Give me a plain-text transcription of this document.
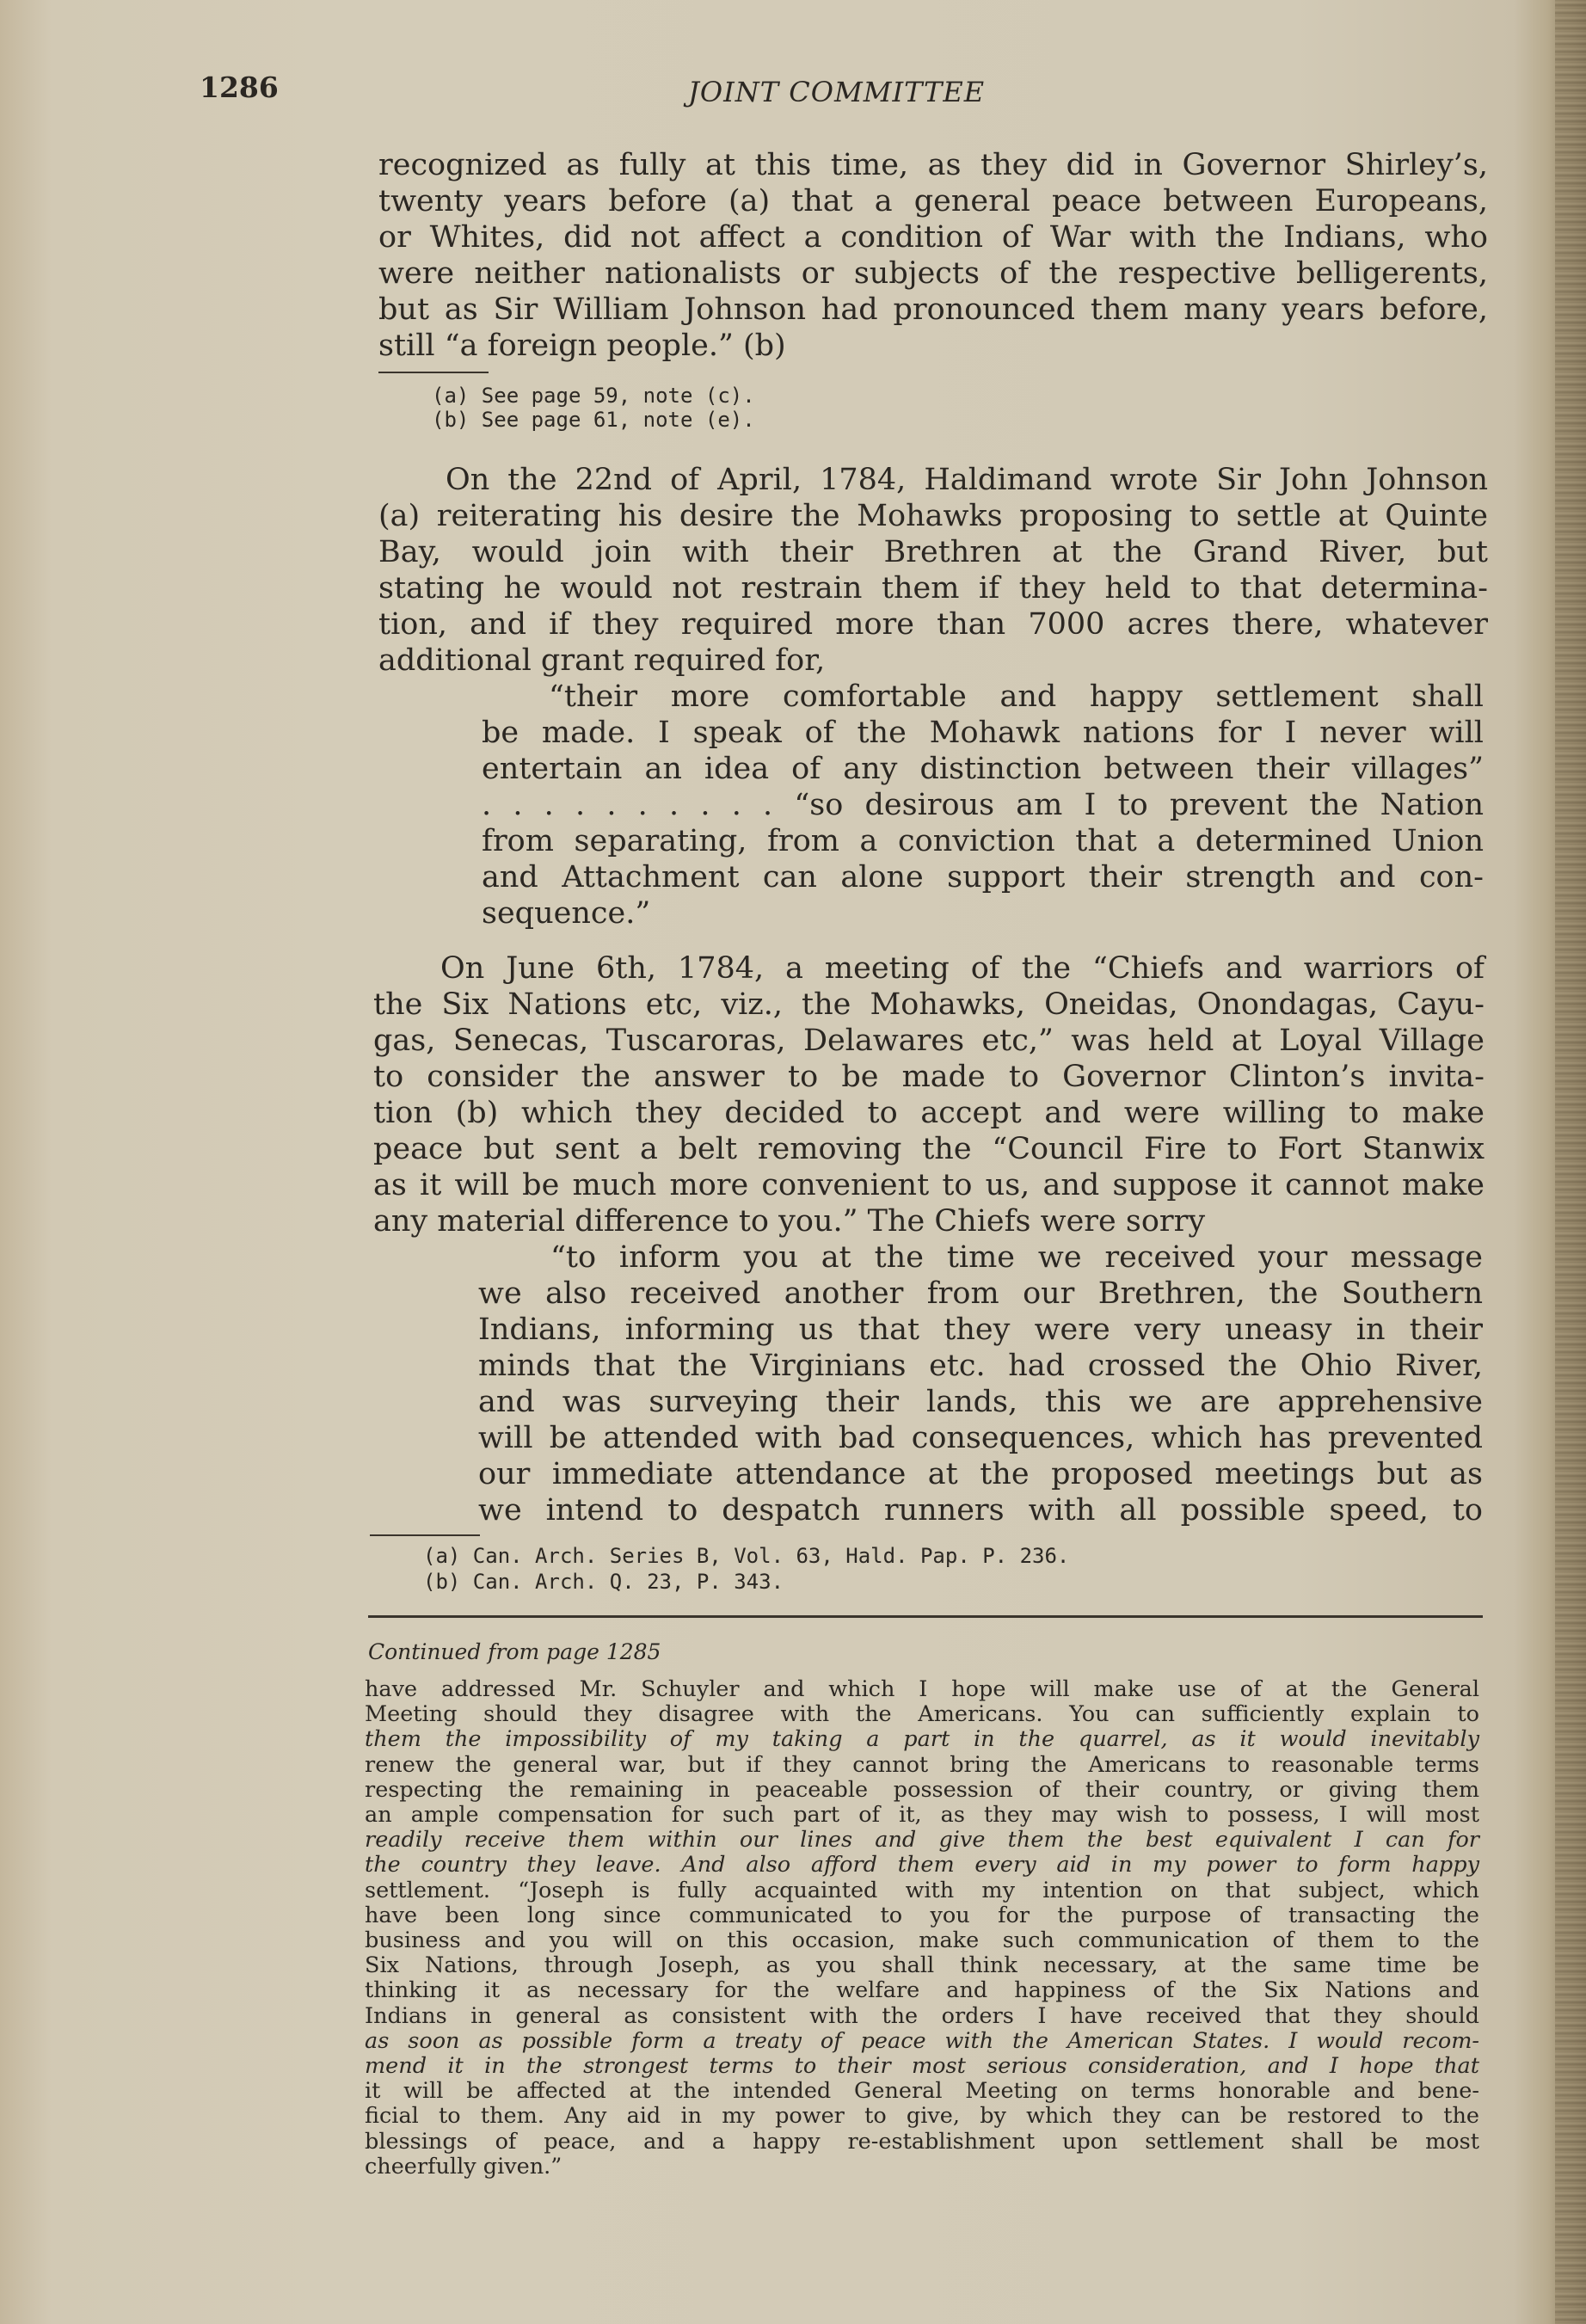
1286	JOINT COMMITTEE
recognized as fully at this time, as they did in Governor Shirley’s,
twenty years before (a) that a general peace between Europeans,
or Whites, did not affect a condition of War with the Indians, who
were neither nationalists or subjects of the respective belligerents,
but as Sir William Johnson had pronounced them many years before,
still “a foreign people.” (b)
(a) See page 59, note (c).
(b) See page 61, note (e).
On the 22nd of April, 1784, Haldimand wrote Sir John Johnson
(a) reiterating his desire the Mohawks proposing to settle at Quinte
Bay, would join with their Brethren at the Grand River, but
stating he would not restrain them if they held to that determina-
tion, and if they required more than 7000 acres there, whatever
additional grant required for,
“their more comfortable and happy settlement shall
be made. I speak of the Mohawk nations for I never will
entertain an idea of any distinction between their villages”
. . . . . . . . . . “so desirous am I to prevent the Nation
from separating, from a conviction that a determined Union
and Attachment can alone support their strength and con-
sequence.”
On June 6th, 1784, a meeting of the “Chiefs and warriors of
the Six Nations etc, viz., the Mohawks, Oneidas, Onondagas, Cayu-
gas, Senecas, Tuscaroras, Delawares etc,” was held at Loyal Village
to consider the answer to be made to Governor Clinton’s invita-
tion (b) which they decided to accept and were willing to make
peace but sent a belt removing the “Council Fire to Fort Stanwix
as it will be much more convenient to us, and suppose it cannot make
any material difference to you.” The Chiefs were sorry
“to inform you at the time we received your message
we also received another from our Brethren, the Southern
Indians, informing us that they were very uneasy in their
minds that the Virginians etc. had crossed the Ohio River,
and was surveying their lands, this we are apprehensive
will be attended with bad consequences, which has prevented
our immediate attendance at the proposed meetings but as
we intend to despatch runners with all possible speed, to
(a) Can. Arch. Series B, Vol. 63, Hald. Pap. P. 236.
(b) Can. Arch. Q. 23, P. 343.
Continued from page 1285
have addressed Mr. Schuyler and which I hope will make use of at the General
Meeting should they disagree with the Americans. You can sufficiently explain to
them the impossibility of my taking a part in the quarrel, as it would inevitably
renew the general war, but if they cannot bring the Americans to reasonable terms
respecting the remaining in peaceable possession of their country, or giving them
an ample compensation for such part of it, as they may wish to possess, I will most
readily receive them within our lines and give them the best equivalent I can for
the country they leave. And also afford them every aid in my power to form happy
settlement. “Joseph is fully acquainted with my intention on that subject, which
have been long since communicated to you for the purpose of transacting the
business and you will on this occasion, make such communication of them to the
Six Nations, through Joseph, as you shall think necessary, at the same time be
thinking it as necessary for the welfare and happiness of the Six Nations and
Indians in general as consistent with the orders I have received that they should
as soon as possible form a treaty of peace with the American States. I would recom-
mend it in the strongest terms to their most serious consideration, and I hope that
it will be affected at the intended General Meeting on terms honorable and bene-
ficial to them. Any aid in my power to give, by which they can be restored to the
blessings of peace, and a happy re-establishment upon settlement shall be most
cheerfully given.”
